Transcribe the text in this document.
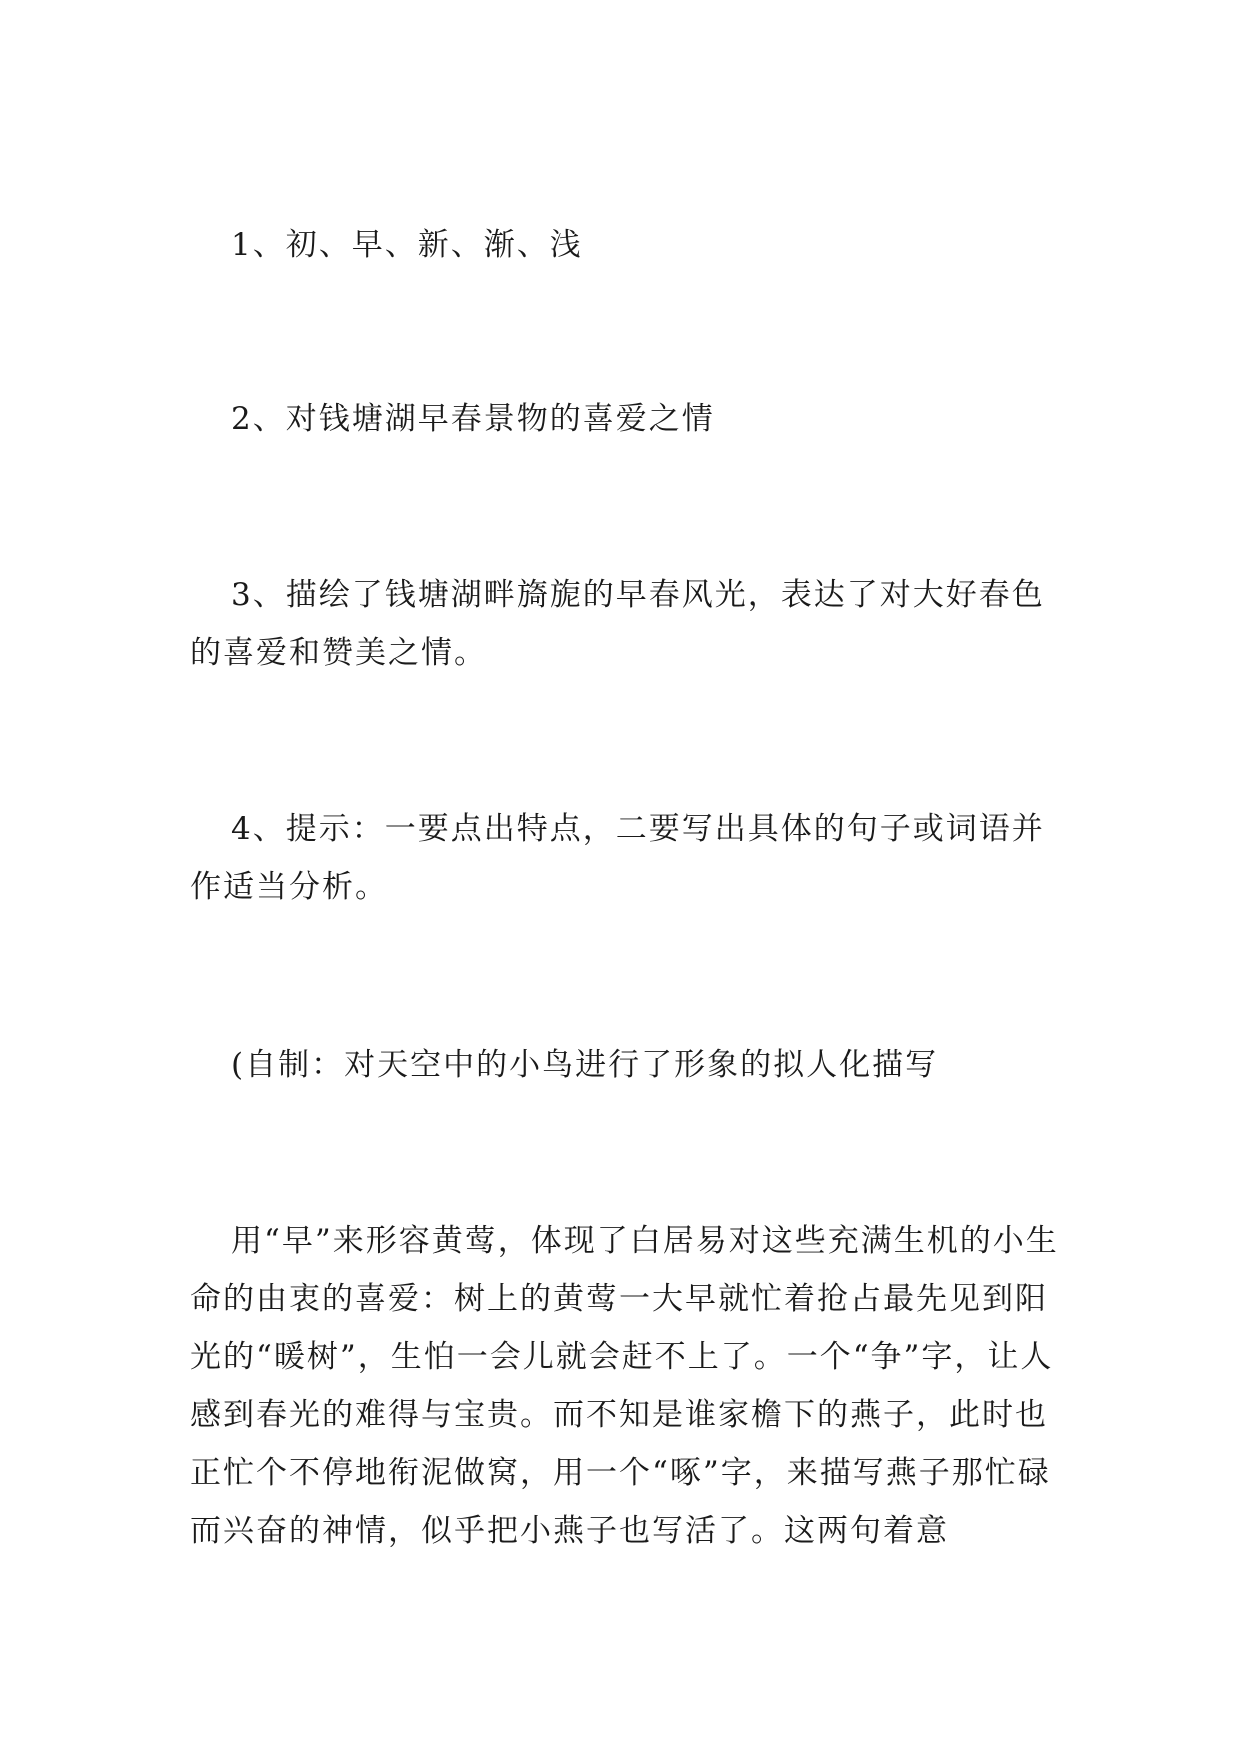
1、初、早、新、渐、浅

2、对钱塘湖早春景物的喜爱之情

3、描绘了钱塘湖畔旖旎的早春风光，表达了对大好春色的喜爱和赞美之情。

4、提示：一要点出特点，二要写出具体的句子或词语并作适当分析。

(自制：对天空中的小鸟进行了形象的拟人化描写

用“早”来形容黄莺，体现了白居易对这些充满生机的小生命的由衷的喜爱：树上的黄莺一大早就忙着抢占最先见到阳光的“暖树”，生怕一会儿就会赶不上了。一个“争”字，让人感到春光的难得与宝贵。而不知是谁家檐下的燕子，此时也正忙个不停地衔泥做窝，用一个“啄”字，来描写燕子那忙碌而兴奋的神情，似乎把小燕子也写活了。这两句着意
